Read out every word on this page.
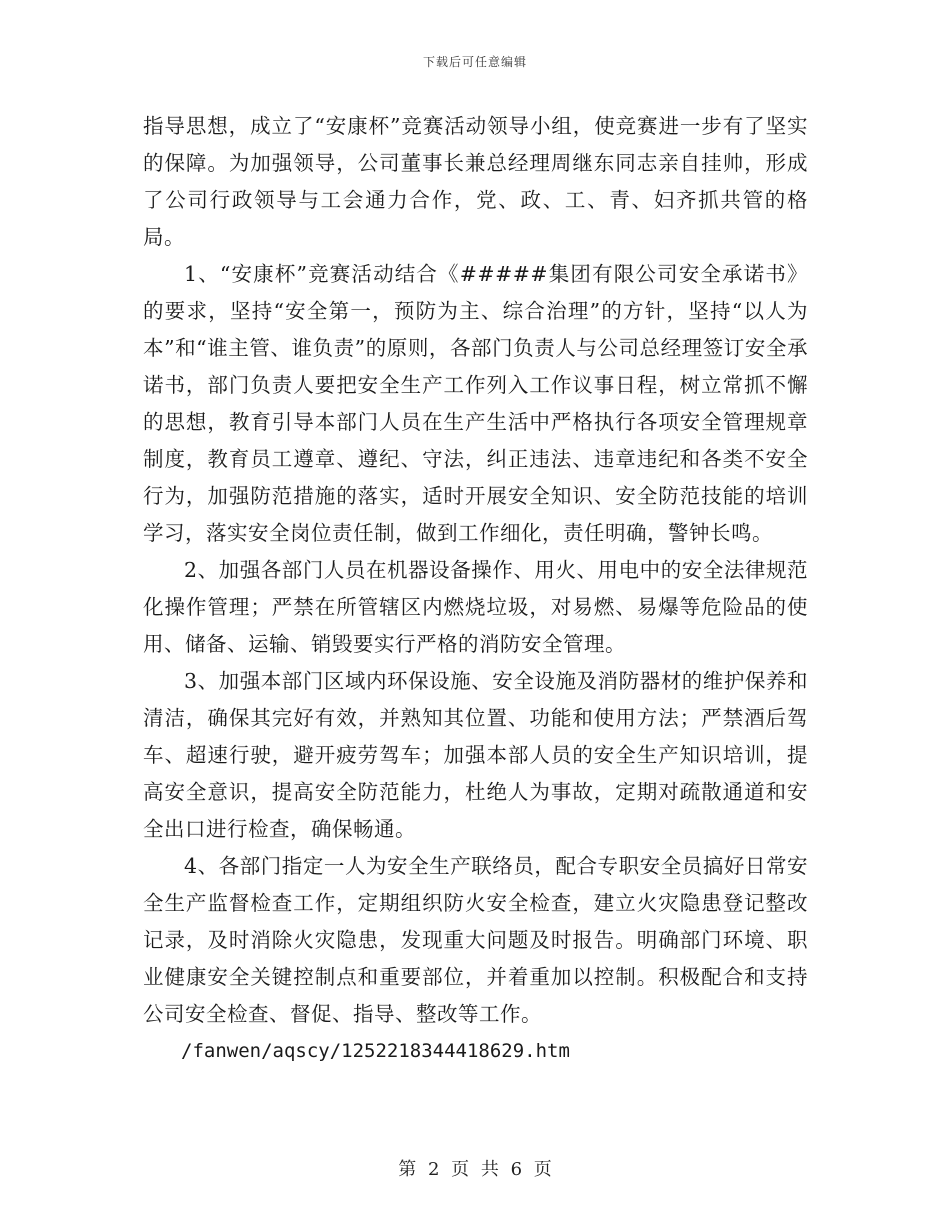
下载后可任意编辑

指导思想，成立了“安康杯”竞赛活动领导小组，使竞赛进一步有了坚实的保障。为加强领导，公司董事长兼总经理周继东同志亲自挂帅，形成了公司行政领导与工会通力合作，党、政、工、青、妇齐抓共管的格局。

1、“安康杯”竞赛活动结合《#####集团有限公司安全承诺书》的要求，坚持“安全第一，预防为主、综合治理”的方针，坚持“以人为本”和“谁主管、谁负责”的原则，各部门负责人与公司总经理签订安全承诺书，部门负责人要把安全生产工作列入工作议事日程，树立常抓不懈的思想，教育引导本部门人员在生产生活中严格执行各项安全管理规章制度，教育员工遵章、遵纪、守法，纠正违法、违章违纪和各类不安全行为，加强防范措施的落实，适时开展安全知识、安全防范技能的培训学习，落实安全岗位责任制，做到工作细化，责任明确，警钟长鸣。

2、加强各部门人员在机器设备操作、用火、用电中的安全法律规范化操作管理；严禁在所管辖区内燃烧垃圾，对易燃、易爆等危险品的使用、储备、运输、销毁要实行严格的消防安全管理。

3、加强本部门区域内环保设施、安全设施及消防器材的维护保养和清洁，确保其完好有效，并熟知其位置、功能和使用方法；严禁酒后驾车、超速行驶，避开疲劳驾车；加强本部人员的安全生产知识培训，提高安全意识，提高安全防范能力，杜绝人为事故，定期对疏散通道和安全出口进行检查，确保畅通。

4、各部门指定一人为安全生产联络员，配合专职安全员搞好日常安全生产监督检查工作，定期组织防火安全检查，建立火灾隐患登记整改记录，及时消除火灾隐患，发现重大问题及时报告。明确部门环境、职业健康安全关键控制点和重要部位，并着重加以控制。积极配合和支持公司安全检查、督促、指导、整改等工作。

/fanwen/aqscy/1252218344418629.htm

第 2 页 共 6 页
